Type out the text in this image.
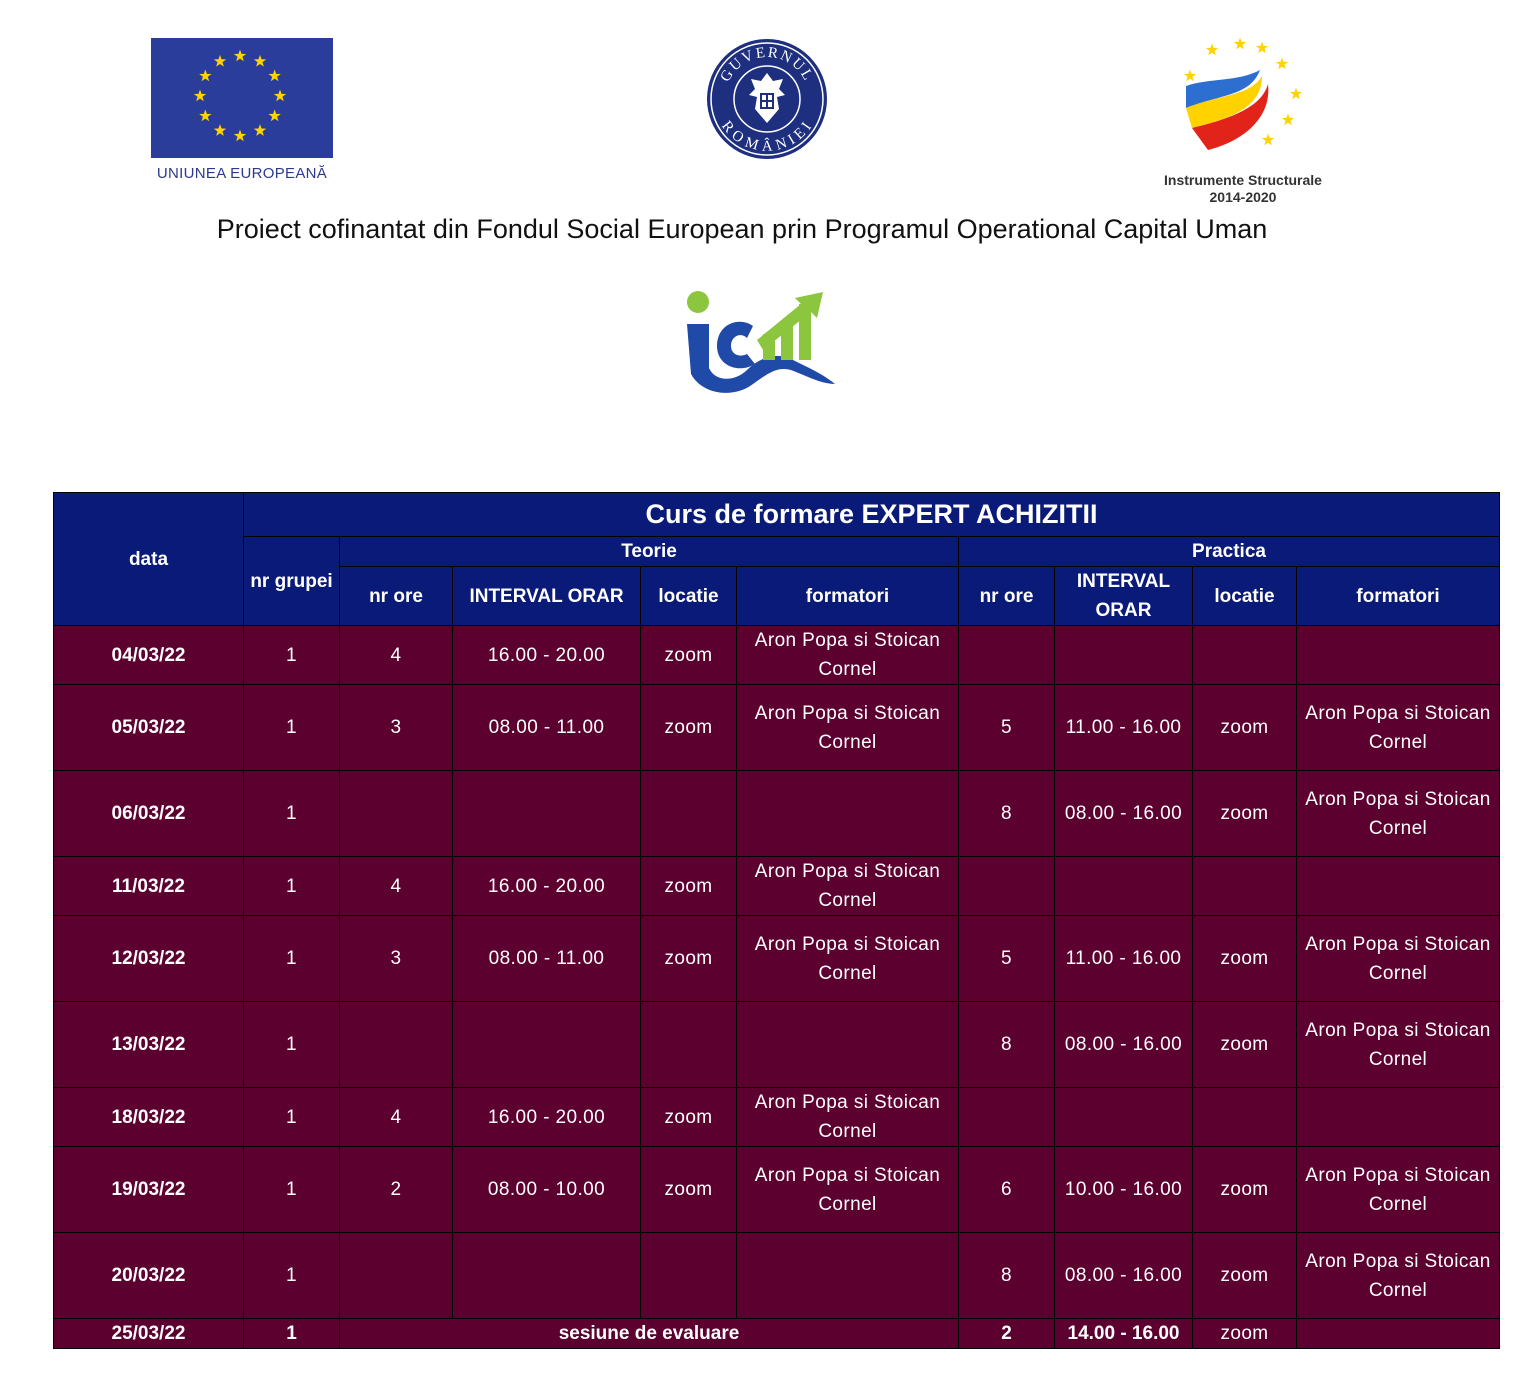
UNIUNEA EUROPEANĂ
GUVERNUL
ROMÂNIEI
Instrumente Structurale
2014-2020
Proiect cofinantat din Fondul Social European prin Programul Operational Capital Uman
data	Curs de formare EXPERT ACHIZITII								
	nr grupei	Teorie				Practica			
		nr ore	INTERVAL ORAR	locatie	formatori	nr ore	INTERVAL ORAR	locatie	formatori
04/03/22	1	4	16.00 - 20.00	zoom	Aron Popa si Stoican Cornel				
05/03/22	1	3	08.00 - 11.00	zoom	Aron Popa si Stoican Cornel	5	11.00 - 16.00	zoom	Aron Popa si Stoican Cornel
06/03/22	1					8	08.00 - 16.00	zoom	Aron Popa si Stoican Cornel
11/03/22	1	4	16.00 - 20.00	zoom	Aron Popa si Stoican Cornel				
12/03/22	1	3	08.00 - 11.00	zoom	Aron Popa si Stoican Cornel	5	11.00 - 16.00	zoom	Aron Popa si Stoican Cornel
13/03/22	1					8	08.00 - 16.00	zoom	Aron Popa si Stoican Cornel
18/03/22	1	4	16.00 - 20.00	zoom	Aron Popa si Stoican Cornel				
19/03/22	1	2	08.00 - 10.00	zoom	Aron Popa si Stoican Cornel	6	10.00 - 16.00	zoom	Aron Popa si Stoican Cornel
20/03/22	1					8	08.00 - 16.00	zoom	Aron Popa si Stoican Cornel
25/03/22	1	sesiune de evaluare				2	14.00 - 16.00	zoom	
